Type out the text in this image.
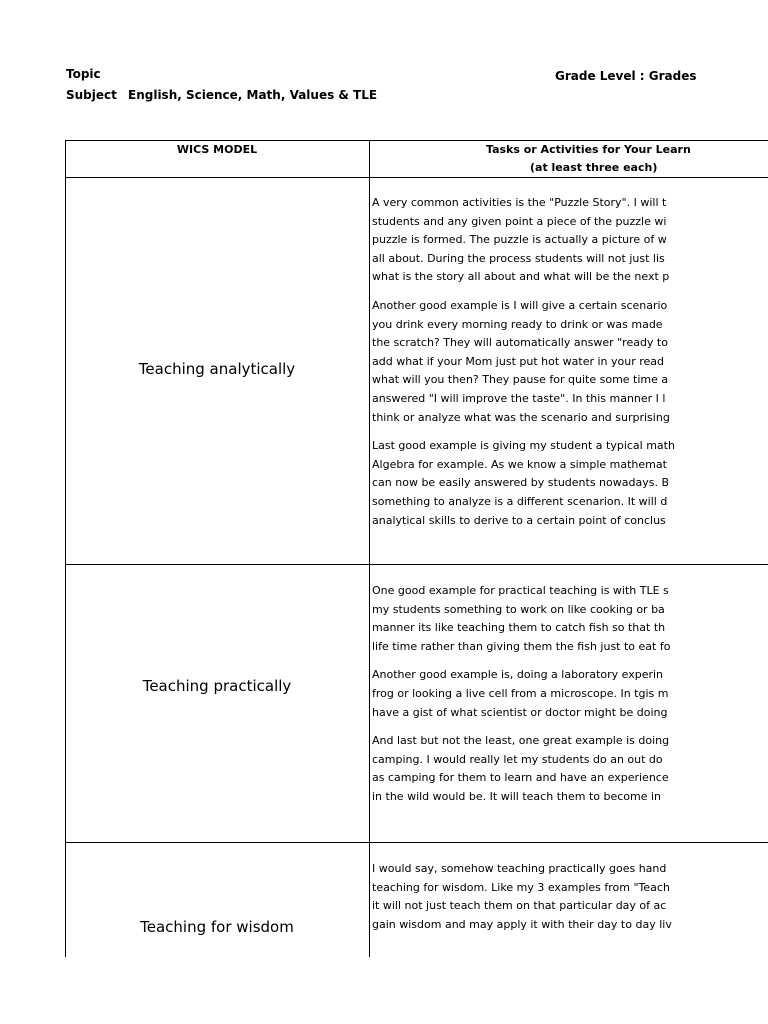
Topic
Subject English, Science, Math, Values & TLE
Grade Level : Grades
WICS MODEL	Tasks or Activities for Your Learn
(at least three each)
Teaching analytically
Teaching practically
Teaching for wisdom

A very common activities is the "Puzzle Story". I will t
students and any given point a piece of the puzzle wi
puzzle is formed. The puzzle is actually a picture of w
all about. During the process students will not just lis
what is the story all about and what will be the next p

Another good example is I will give a certain scenario
you drink every morning ready to drink or was made
the scratch? They will automatically answer "ready to
add what if your Mom just put hot water in your read
what will you then? They pause for quite some time a
answered "I will improve the taste". In this manner I l
think or analyze what was the scenario and surprising

Last good example is giving my student a typical math
Algebra for example. As we know a simple mathemat
can now be easily answered by students nowadays. B
something to analyze is a different scenarion. It will d
analytical skills to derive to a certain point of conclus

One good example for practical teaching is with TLE s
my students something to work on like cooking or ba
manner its like teaching them to catch fish so that th
life time rather than giving them the fish just to eat fo

Another good example is, doing a laboratory experin
frog or looking a live cell from a microscope. In tgis m
have a gist of what scientist or doctor might be doing

And last but not the least, one great example is doing
camping. I would really let my students do an out do
as camping for them to learn and have an experience
in the wild would be. It will teach them to become in

I would say, somehow teaching practically goes hand
teaching for wisdom. Like my 3 examples from "Teach
it will not just teach them on that particular day of ac
gain wisdom and may apply it with their day to day liv
